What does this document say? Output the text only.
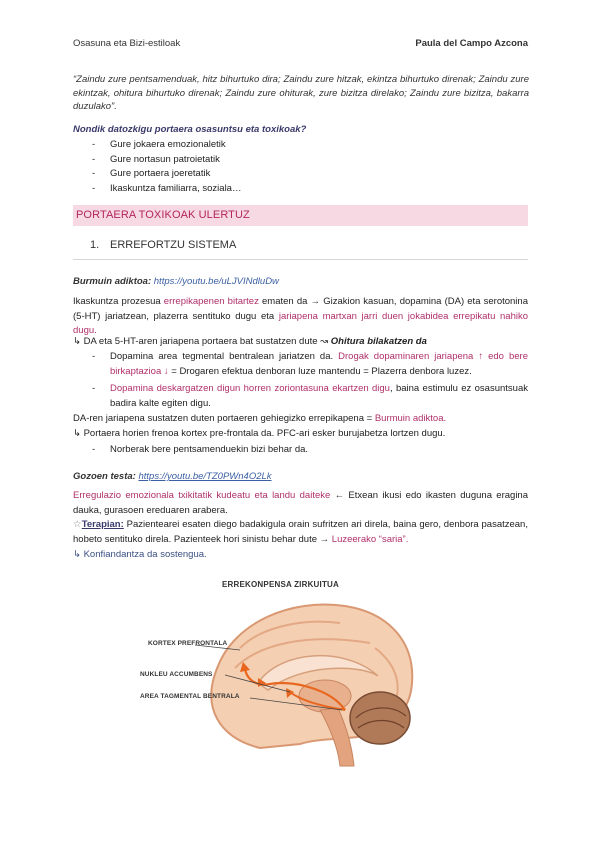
Osasuna eta Bizi-estiloak	Paula del Campo Azcona
“Zaindu zure pentsamenduak, hitz bihurtuko dira; Zaindu zure hitzak, ekintza bihurtuko direnak; Zaindu zure ekintzak, ohitura bihurtuko direnak; Zaindu zure ohiturak, zure bizitza direlako; Zaindu zure bizitza, bakarra duzulako”.
Nondik datozkigu portaera osasuntsu eta toxikoak?
- Gure jokaera emozionaletik
- Gure nortasun patroietatik
- Gure portaera joeretatik
- Ikaskuntza familiarra, soziala…
PORTAERA TOXIKOAK ULERTUZ
1. ERREFORTZU SISTEMA
Burmuin adiktoa: https://youtu.be/uLJVINdluDw
Ikaskuntza prozesua errepikapenen bitartez ematen da → Gizakion kasuan, dopamina (DA) eta serotonina (5-HT) jariatzean, plazerra sentituko dugu eta jariapena martxan jarri duen jokabidea errepikatu nahiko dugu.
↳ DA eta 5-HT-aren jariapena portaera bat sustatzen dute ↝ Ohitura bilakatzen da
- Dopamina area tegmental bentralean jariatzen da. Drogak dopaminaren jariapena ↑ edo bere birkaptazioa ↓ = Drogaren efektua denboran luze mantendu = Plazerra denbora luzez.
- Dopamina deskargatzen digun horren zoriontasuna ekartzen digu, baina estimulu ez osasuntsuak badira kalte egiten digu.
DA-ren jariapena sustatzen duten portaeren gehiegizko errepikapena = Burmuin adiktoa.
↳ Portaera horien frenoa kortex pre-frontala da. PFC-ari esker burujabetza lortzen dugu.
- Norberak bere pentsamenduekin bizi behar da.
Gozoen testa: https://youtu.be/TZ0PWn4O2Lk
Erregulazio emozionala txikitatik kudeatu eta landu daiteke ← Etxean ikusi edo ikasten duguna eragina dauka, gurasoen ereduaren arabera.
☆Terapian: Pazientearei esaten diego badakigula orain sufritzen ari direla, baina gero, denbora pasatzean, hobeto sentituko direla. Pazienteek hori sinistu behar dute → Luzeerako “saria”.
↳ Konfiandantza da sostengua.
ERREKONPENSA ZIRKUITUA
KORTEX PREFRONTALA
NUKLEU ACCUMBENS
AREA TAGMENTAL BENTRALA
